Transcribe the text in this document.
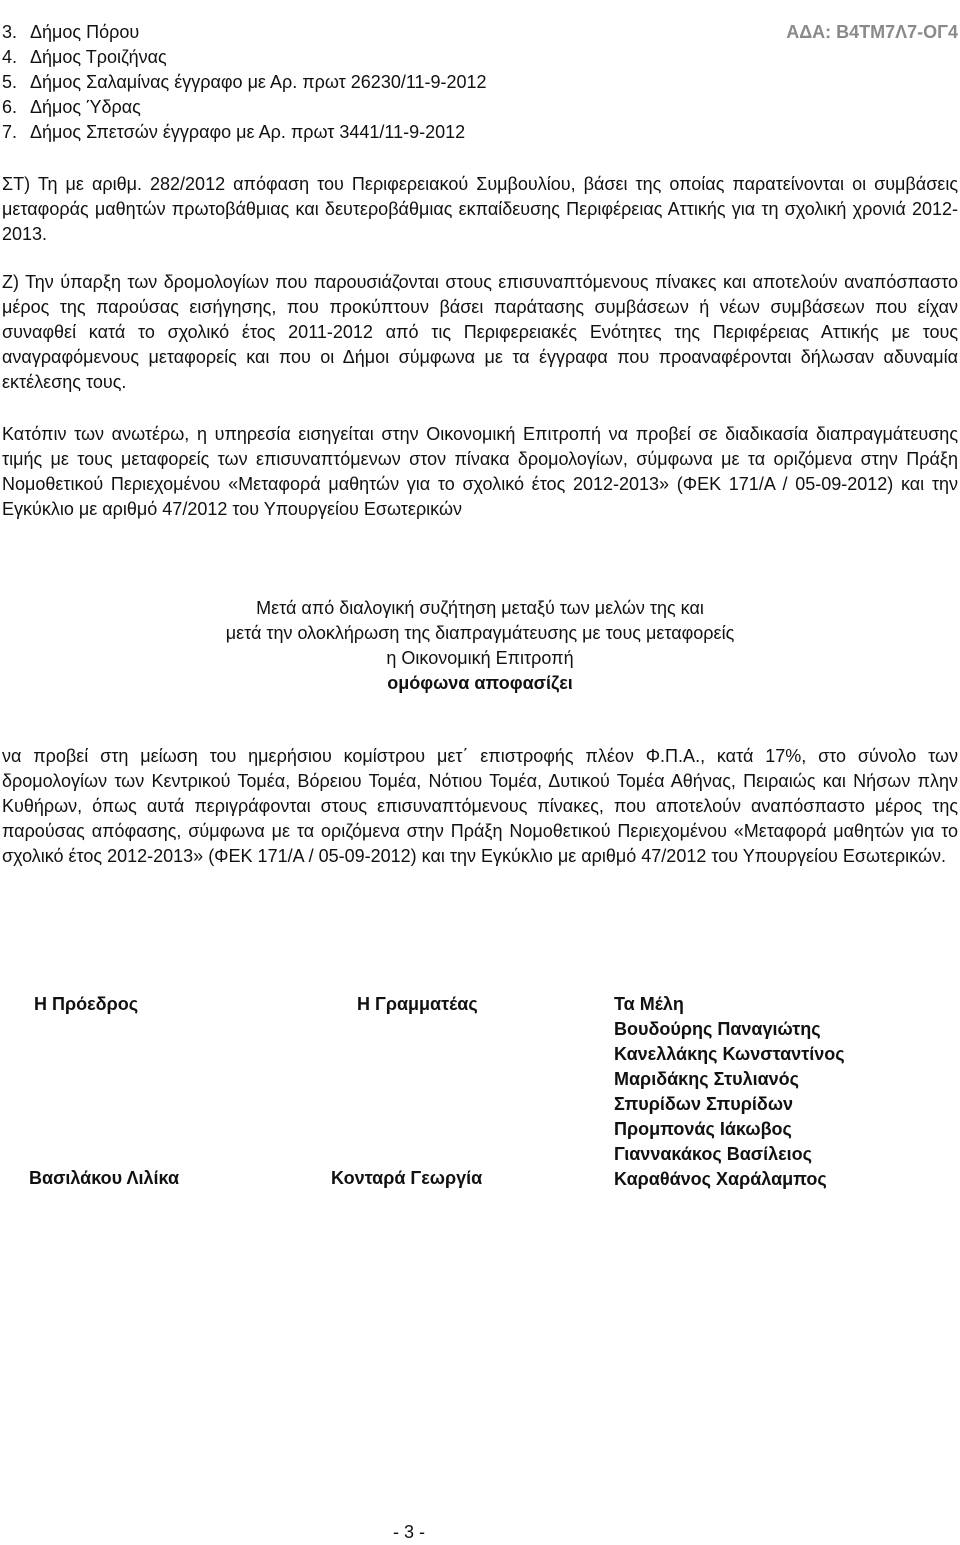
ΑΔΑ: Β4ΤΜ7Λ7-ΟΓ4

3. Δήμος Πόρου
4. Δήμος Τροιζήνας
5. Δήμος Σαλαμίνας έγγραφο με Αρ. πρωτ 26230/11-9-2012
6. Δήμος Ύδρας
7. Δήμος Σπετσών έγγραφο με Αρ. πρωτ 3441/11-9-2012

ΣΤ) Τη με αριθμ. 282/2012 απόφαση του Περιφερειακού Συμβουλίου, βάσει της οποίας παρατείνονται οι συμβάσεις μεταφοράς μαθητών πρωτοβάθμιας και δευτεροβάθμιας εκπαίδευσης Περιφέρειας Αττικής για τη σχολική χρονιά 2012-2013.

Ζ) Την ύπαρξη των δρομολογίων που παρουσιάζονται στους επισυναπτόμενους πίνακες και αποτελούν αναπόσπαστο μέρος της παρούσας εισήγησης, που προκύπτουν βάσει παράτασης συμβάσεων ή νέων συμβάσεων που είχαν συναφθεί κατά το σχολικό έτος 2011-2012 από τις Περιφερειακές Ενότητες της Περιφέρειας Αττικής με τους αναγραφόμενους μεταφορείς και που οι Δήμοι σύμφωνα με τα έγγραφα που προαναφέρονται δήλωσαν αδυναμία εκτέλεσης τους.

Κατόπιν των ανωτέρω, η υπηρεσία εισηγείται στην Οικονομική Επιτροπή να προβεί σε διαδικασία διαπραγμάτευσης τιμής με τους μεταφορείς των επισυναπτόμενων στον πίνακα δρομολογίων, σύμφωνα με τα οριζόμενα στην Πράξη Νομοθετικού Περιεχομένου «Μεταφορά μαθητών για το σχολικό έτος 2012-2013» (ΦΕΚ 171/Α / 05-09-2012) και την Εγκύκλιο με αριθμό 47/2012 του Υπουργείου Εσωτερικών

Μετά από διαλογική συζήτηση μεταξύ των μελών της και
μετά την ολοκλήρωση της διαπραγμάτευσης με τους μεταφορείς
η Οικονομική Επιτροπή
ομόφωνα αποφασίζει

να προβεί στη μείωση του ημερήσιου κομίστρου μετ΄ επιστροφής πλέον Φ.Π.Α., κατά 17%, στο σύνολο των δρομολογίων των Κεντρικού Τομέα, Βόρειου Τομέα, Νότιου Τομέα, Δυτικού Τομέα Αθήνας, Πειραιώς και Νήσων πλην Κυθήρων, όπως αυτά περιγράφονται στους επισυναπτόμενους πίνακες, που αποτελούν αναπόσπαστο μέρος της παρούσας απόφασης, σύμφωνα με τα οριζόμενα στην Πράξη Νομοθετικού Περιεχομένου «Μεταφορά μαθητών για το σχολικό έτος 2012-2013» (ΦΕΚ 171/Α / 05-09-2012) και την Εγκύκλιο με αριθμό 47/2012 του Υπουργείου Εσωτερικών.

Η Πρόεδρος	Η Γραμματέας	Τα Μέλη
Βουδούρης Παναγιώτης
Κανελλάκης Κωνσταντίνος
Μαριδάκης Στυλιανός
Σπυρίδων Σπυρίδων
Προμπονάς Ιάκωβος
Γιαννακάκος Βασίλειος
Καραθάνος Χαράλαμπος

Βασιλάκου Λιλίκα	Κονταρά Γεωργία

- 3 -
